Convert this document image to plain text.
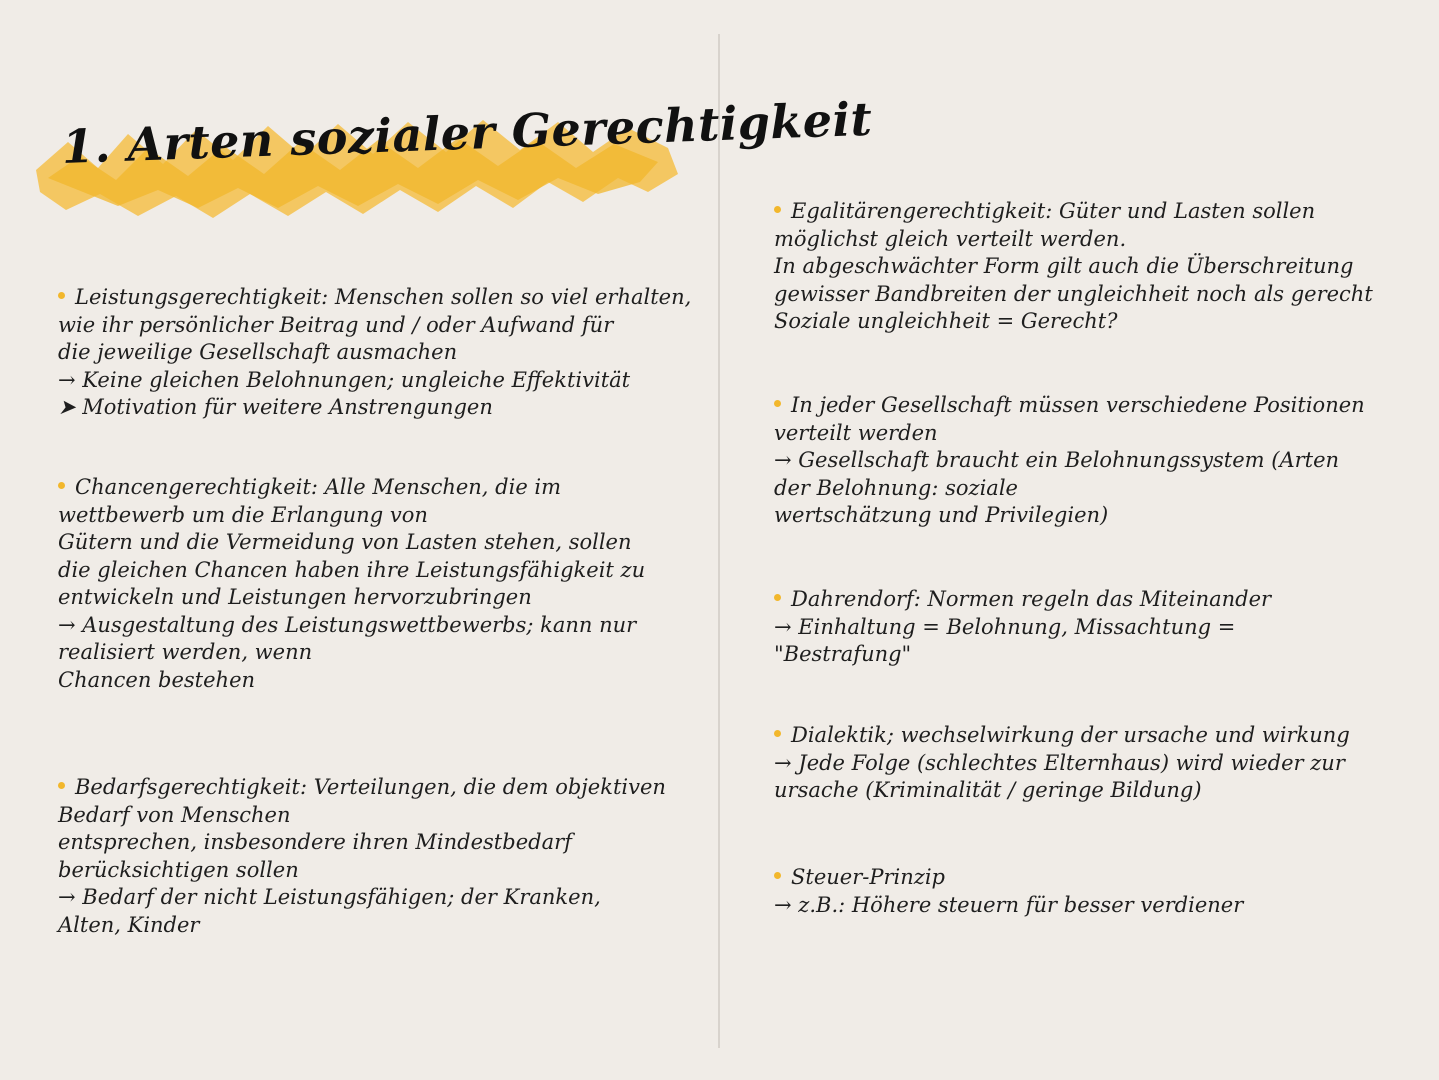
1. Arten sozialer Gerechtigkeit

Leistungsgerechtigkeit: Menschen sollen so viel erhalten,

wie ihr persönlicher Beitrag und / oder Aufwand für

die jeweilige Gesellschaft ausmachen

→ Keine gleichen Belohnungen; ungleiche Effektivität

➤ Motivation für weitere Anstrengungen

Chancengerechtigkeit: Alle Menschen, die im

wettbewerb um die Erlangung von

Gütern und die Vermeidung von Lasten stehen, sollen

die gleichen Chancen haben ihre Leistungsfähigkeit zu

entwickeln und Leistungen hervorzubringen

→ Ausgestaltung des Leistungswettbewerbs; kann nur

realisiert werden, wenn

Chancen bestehen

Bedarfsgerechtigkeit: Verteilungen, die dem objektiven

Bedarf von Menschen

entsprechen, insbesondere ihren Mindestbedarf

berücksichtigen sollen

→ Bedarf der nicht Leistungsfähigen; der Kranken,

Alten, Kinder

Egalitärengerechtigkeit: Güter und Lasten sollen

möglichst gleich verteilt werden.

In abgeschwächter Form gilt auch die Überschreitung

gewisser Bandbreiten der ungleichheit noch als gerecht

Soziale ungleichheit = Gerecht?

In jeder Gesellschaft müssen verschiedene Positionen

verteilt werden

→ Gesellschaft braucht ein Belohnungssystem (Arten

der Belohnung: soziale

wertschätzung und Privilegien)

Dahrendorf: Normen regeln das Miteinander

→ Einhaltung = Belohnung, Missachtung =

"Bestrafung"

Dialektik; wechselwirkung der ursache und wirkung

→ Jede Folge (schlechtes Elternhaus) wird wieder zur

ursache (Kriminalität / geringe Bildung)

Steuer-Prinzip

→ z.B.: Höhere steuern für besser verdiener
